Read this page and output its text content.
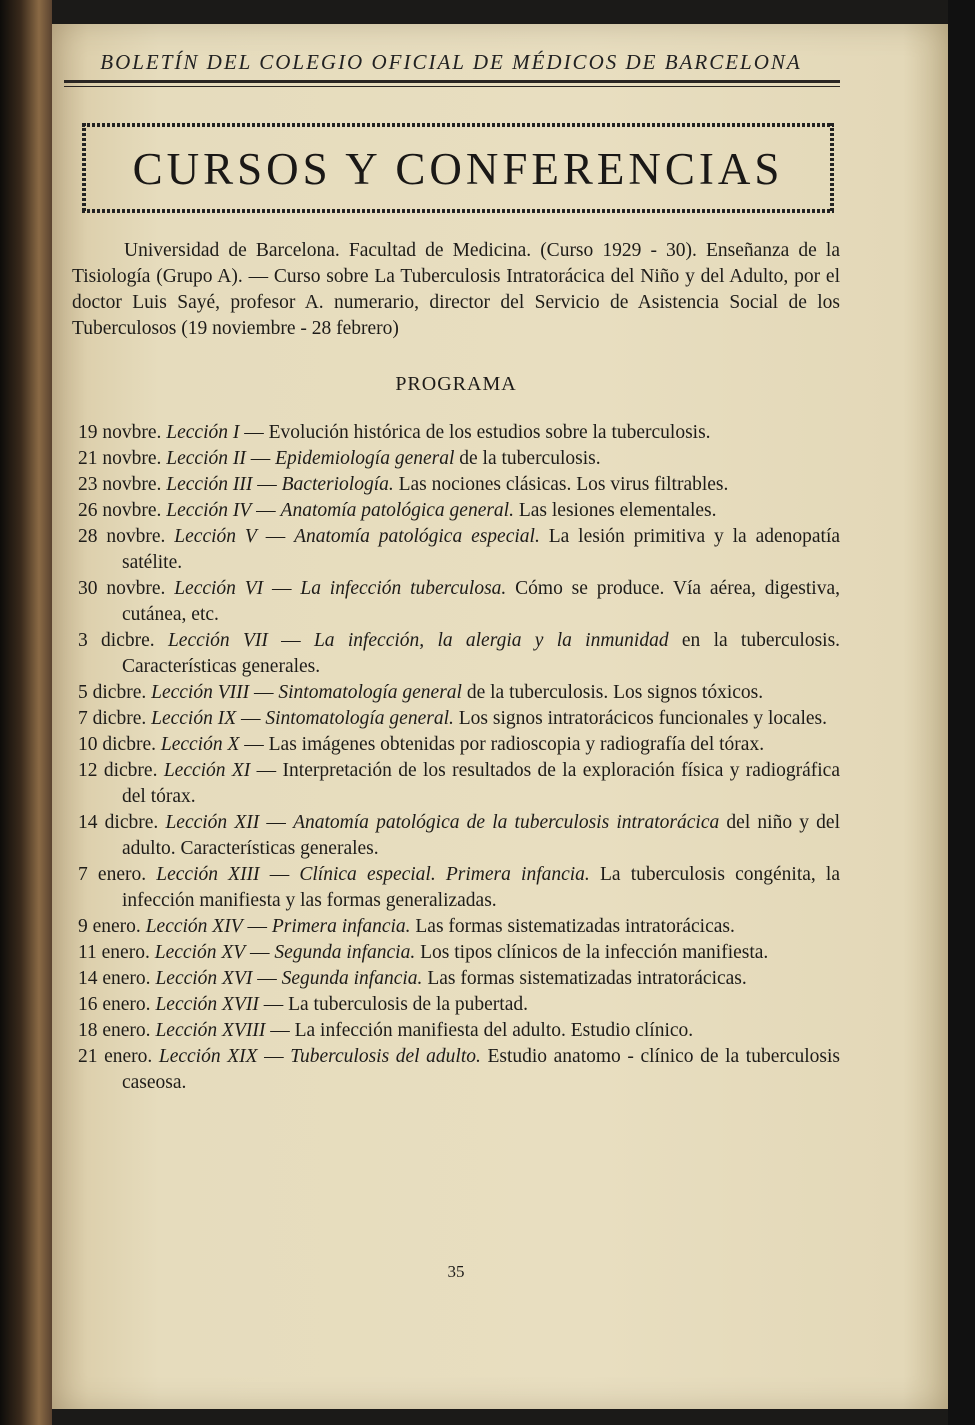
BOLETÍN DEL COLEGIO OFICIAL DE MÉDICOS DE BARCELONA
CURSOS Y CONFERENCIAS

Universidad de Barcelona. Facultad de Medicina. (Curso 1929 - 30). Enseñanza de la Tisiología (Grupo A). — Curso sobre La Tuberculosis Intratorácica del Niño y del Adulto, por el doctor Luis Sayé, profesor A. numerario, director del Servicio de Asistencia Social de los Tuberculosos (19 noviembre - 28 febrero)

PROGRAMA

19 novbre. Lección I — Evolución histórica de los estudios sobre la tuberculosis.

21 novbre. Lección II — Epidemiología general de la tuberculosis.

23 novbre. Lección III — Bacteriología. Las nociones clásicas. Los virus filtrables.

26 novbre. Lección IV — Anatomía patológica general. Las lesiones elementales.

28 novbre. Lección V — Anatomía patológica especial. La lesión primitiva y la adenopatía satélite.

30 novbre. Lección VI — La infección tuberculosa. Cómo se produce. Vía aérea, digestiva, cutánea, etc.

3 dicbre. Lección VII — La infección, la alergia y la inmunidad en la tuberculosis. Características generales.

5 dicbre. Lección VIII — Sintomatología general de la tuberculosis. Los signos tóxicos.

7 dicbre. Lección IX — Sintomatología general. Los signos intratorácicos funcionales y locales.

10 dicbre. Lección X — Las imágenes obtenidas por radioscopia y radiografía del tórax.

12 dicbre. Lección XI — Interpretación de los resultados de la exploración física y radiográfica del tórax.

14 dicbre. Lección XII — Anatomía patológica de la tuberculosis intratorácica del niño y del adulto. Características generales.

7 enero. Lección XIII — Clínica especial. Primera infancia. La tuberculosis congénita, la infección manifiesta y las formas generalizadas.

9 enero. Lección XIV — Primera infancia. Las formas sistematizadas intratorácicas.

11 enero. Lección XV — Segunda infancia. Los tipos clínicos de la infección manifiesta.

14 enero. Lección XVI — Segunda infancia. Las formas sistematizadas intratorácicas.

16 enero. Lección XVII — La tuberculosis de la pubertad.

18 enero. Lección XVIII — La infección manifiesta del adulto. Estudio clínico.

21 enero. Lección XIX — Tuberculosis del adulto. Estudio anatomo - clínico de la tuberculosis caseosa.

35
